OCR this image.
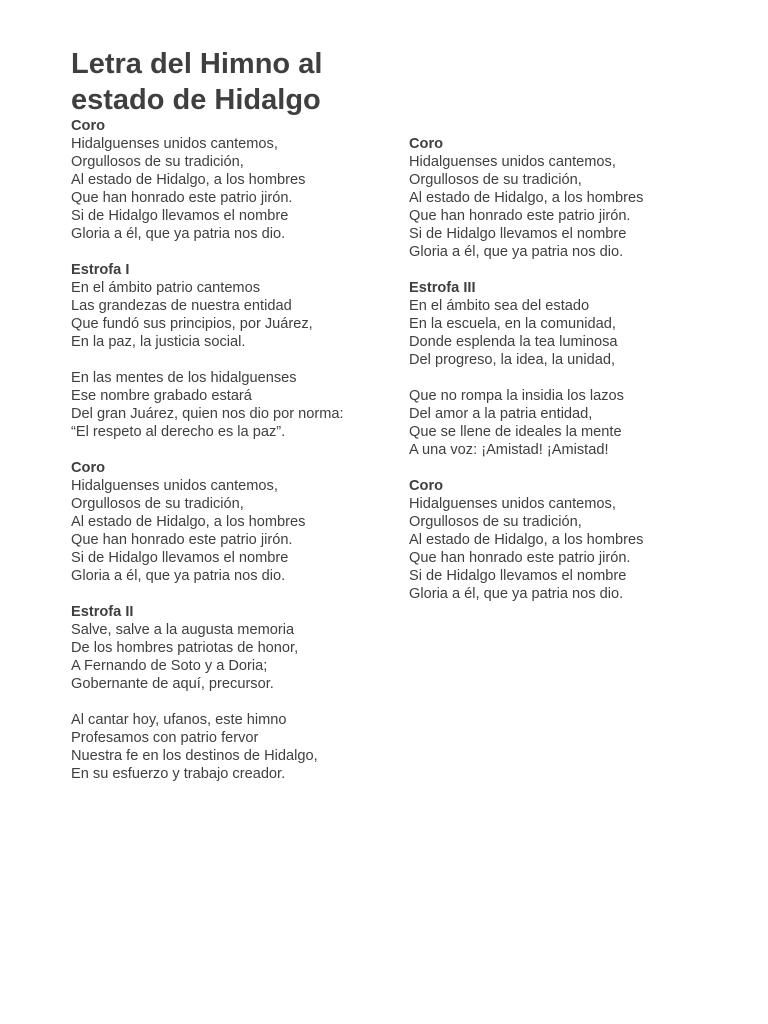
Letra del Himno al estado de Hidalgo
Coro
Hidalguenses unidos cantemos,
Orgullosos de su tradición,
Al estado de Hidalgo, a los hombres
Que han honrado este patrio jirón.
Si de Hidalgo llevamos el nombre
Gloria a él, que ya patria nos dio.
Estrofa I
En el ámbito patrio cantemos
Las grandezas de nuestra entidad
Que fundó sus principios, por Juárez,
En la paz, la justicia social.
En las mentes de los hidalguenses
Ese nombre grabado estará
Del gran Juárez, quien nos dio por norma:
“El respeto al derecho es la paz”.
Coro
Hidalguenses unidos cantemos,
Orgullosos de su tradición,
Al estado de Hidalgo, a los hombres
Que han honrado este patrio jirón.
Si de Hidalgo llevamos el nombre
Gloria a él, que ya patria nos dio.
Estrofa II
Salve, salve a la augusta memoria
De los hombres patriotas de honor,
A Fernando de Soto y a Doria;
Gobernante de aquí, precursor.
Al cantar hoy, ufanos, este himno
Profesamos con patrio fervor
Nuestra fe en los destinos de Hidalgo,
En su esfuerzo y trabajo creador.
Coro
Hidalguenses unidos cantemos,
Orgullosos de su tradición,
Al estado de Hidalgo, a los hombres
Que han honrado este patrio jirón.
Si de Hidalgo llevamos el nombre
Gloria a él, que ya patria nos dio.
Estrofa III
En el ámbito sea del estado
En la escuela, en la comunidad,
Donde esplenda la tea luminosa
Del progreso, la idea, la unidad,
Que no rompa la insidia los lazos
Del amor a la patria entidad,
Que se llene de ideales la mente
A una voz: ¡Amistad! ¡Amistad!
Coro
Hidalguenses unidos cantemos,
Orgullosos de su tradición,
Al estado de Hidalgo, a los hombres
Que han honrado este patrio jirón.
Si de Hidalgo llevamos el nombre
Gloria a él, que ya patria nos dio.
